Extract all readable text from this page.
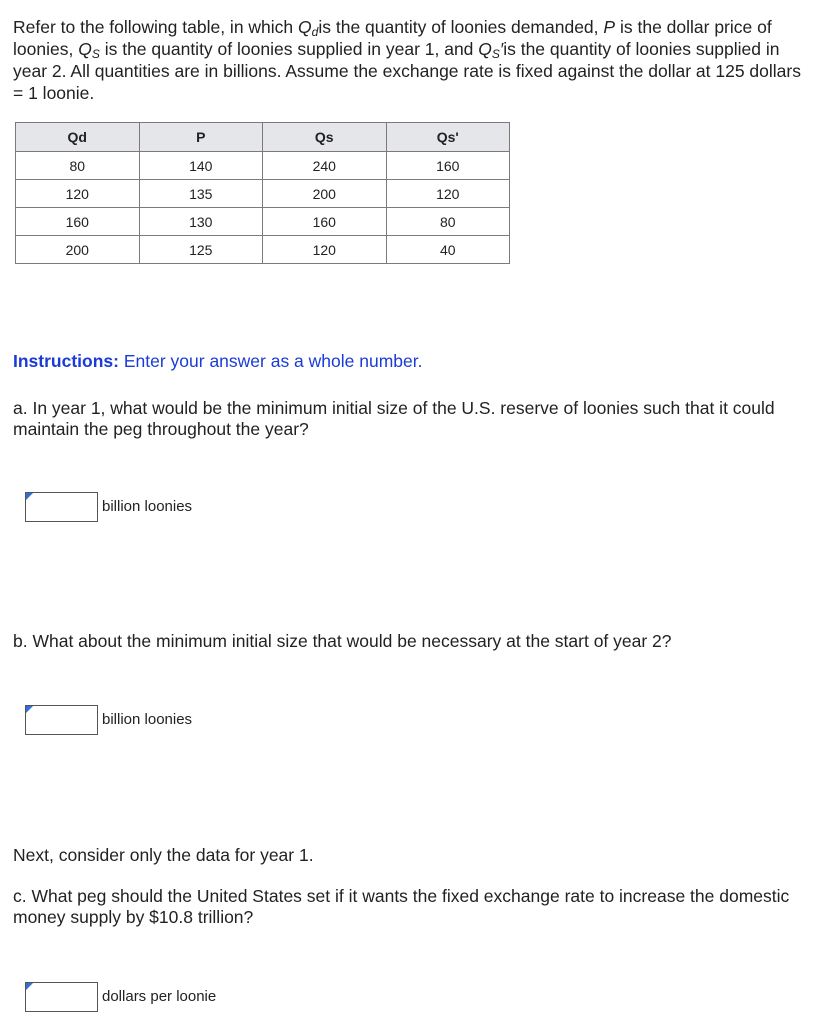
Refer to the following table, in which $Q_dis$ the quantity of loonies demanded, P is the dollar price of loonies, $Q_S$ is the quantity of loonies supplied in year 1, and $Q_S'is$ the quantity of loonies supplied in year 2. All quantities are in billions. Assume the exchange rate is fixed against the dollar at 125 dollars = 1 loonie.

Qd	P	Qs	Qs'
80	140	240	160
120	135	200	120
160	130	160	80
200	125	120	40

Instructions: Enter your answer as a whole number.

a. In year 1, what would be the minimum initial size of the U.S. reserve of loonies such that it could maintain the peg throughout the year?

billion loonies

b. What about the minimum initial size that would be necessary at the start of year 2?

billion loonies

Next, consider only the data for year 1.

c. What peg should the United States set if it wants the fixed exchange rate to increase the domestic money supply by $10.8 trillion?

dollars per loonie
